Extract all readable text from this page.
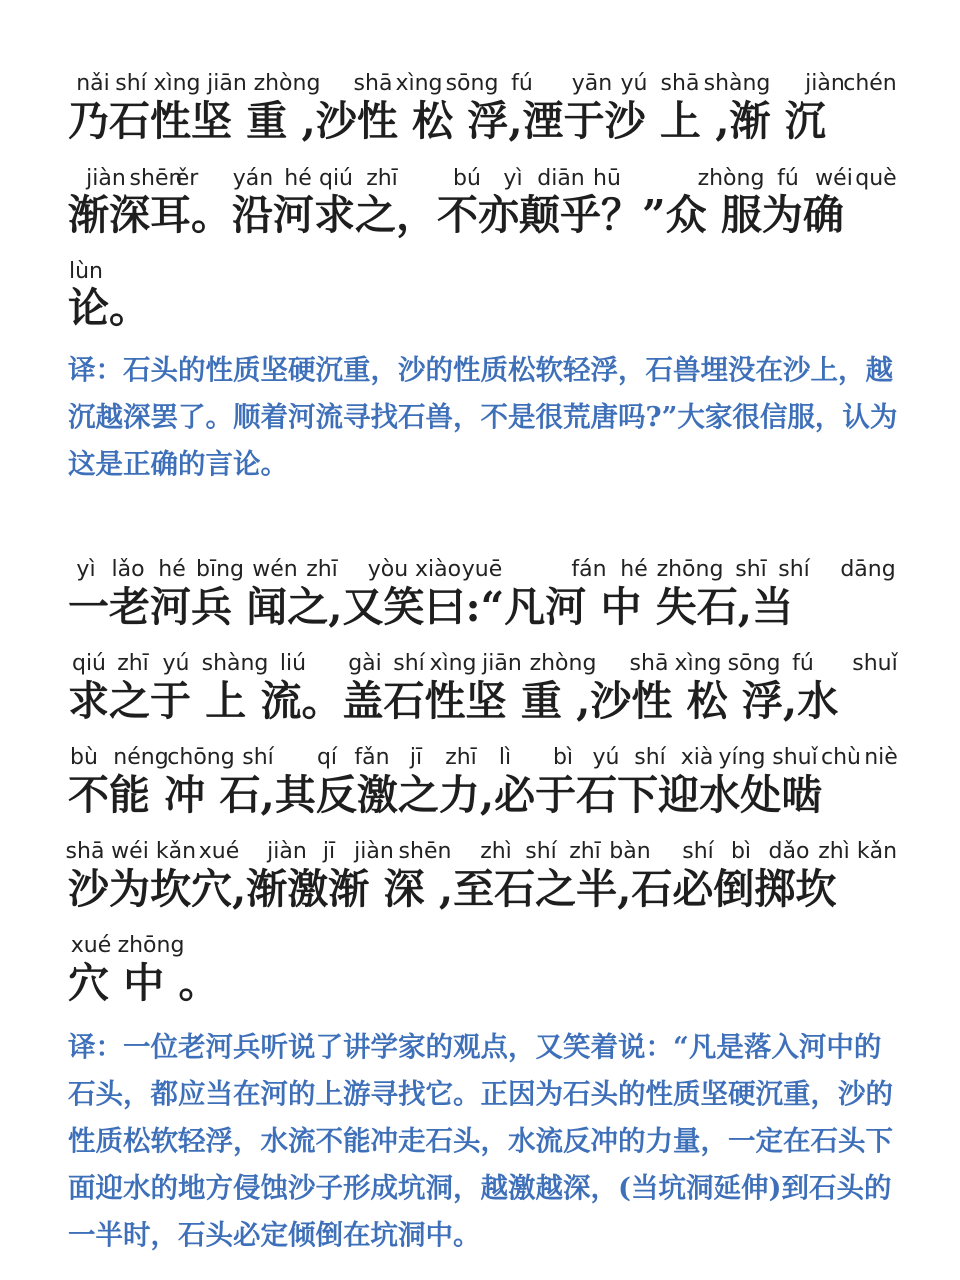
nǎi shí xìng jiān zhòng shā xìng sōng fú yān yú shā shàng jiàn
chén
乃石性坚 重 ,沙性 松 浮,湮于沙 上 ,渐 沉
jiàn shēn
ěr yán hé qiú zhī	bú yì diān hū	zhòng fú wéi què
渐深耳。沿河求之，不亦颠乎？”众 服为确
lùn
论。

译：石头的性质坚硬沉重，沙的性质松软轻浮，石兽埋没在沙上，越沉越深罢了。顺着河流寻找石兽，不是很荒唐吗?”大家很信服，认为这是正确的言论。

yì lǎo hé bīng wén zhī yòu xiào yuē	fán hé zhōng shī shí dāng
一老河兵 闻之,又笑曰:“凡河 中 失石,当
qiú zhī yú shàng liú gài shí xìng jiān zhòng shā xìng sōng fú shuǐ
求之于 上 流。盖石性坚 重 ,沙性 松 浮,水
bù néng
chōng shí qí fǎn jī zhī lì bì yú shí xià yíng shuǐ chù niè
不能 冲 石,其反激之力,必于石下迎水处啮
shā wéi kǎn xué jiàn jī jiàn shēn zhì shí zhī bàn shí bì dǎo zhì kǎn
沙为坎穴,渐激渐 深 ,至石之半,石必倒掷坎
xué zhōng
穴 中 。

译：一位老河兵听说了讲学家的观点，又笑着说：“凡是落入河中的石头，都应当在河的上游寻找它。正因为石头的性质坚硬沉重，沙的性质松软轻浮，水流不能冲走石头，水流反冲的力量，一定在石头下面迎水的地方侵蚀沙子形成坑洞，越激越深，(当坑洞延伸)到石头的一半时，石头必定倾倒在坑洞中。
